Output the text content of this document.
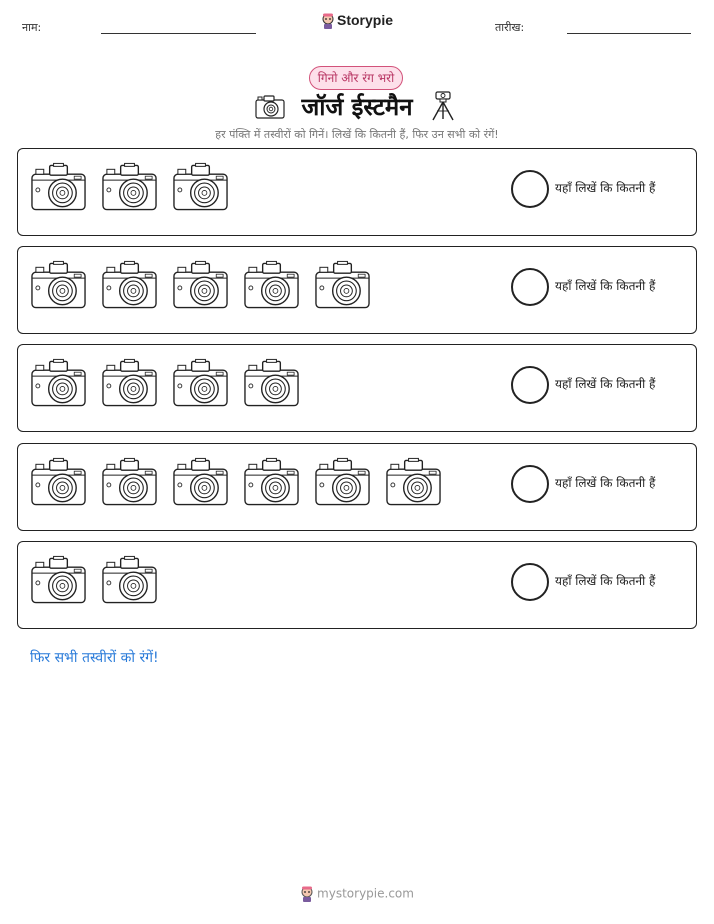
नाम:	Storypie	तारीख:
गिनो और रंग भरो
जॉर्ज ईस्टमैन
हर पंक्ति में तस्वीरों को गिनें। लिखें कि कितनी हैं, फिर उन सभी को रंगें!
यहाँ लिखें कि कितनी हैं
यहाँ लिखें कि कितनी हैं
यहाँ लिखें कि कितनी हैं
यहाँ लिखें कि कितनी हैं
यहाँ लिखें कि कितनी हैं
फिर सभी तस्वीरों को रंगें!
mystorypie.com
